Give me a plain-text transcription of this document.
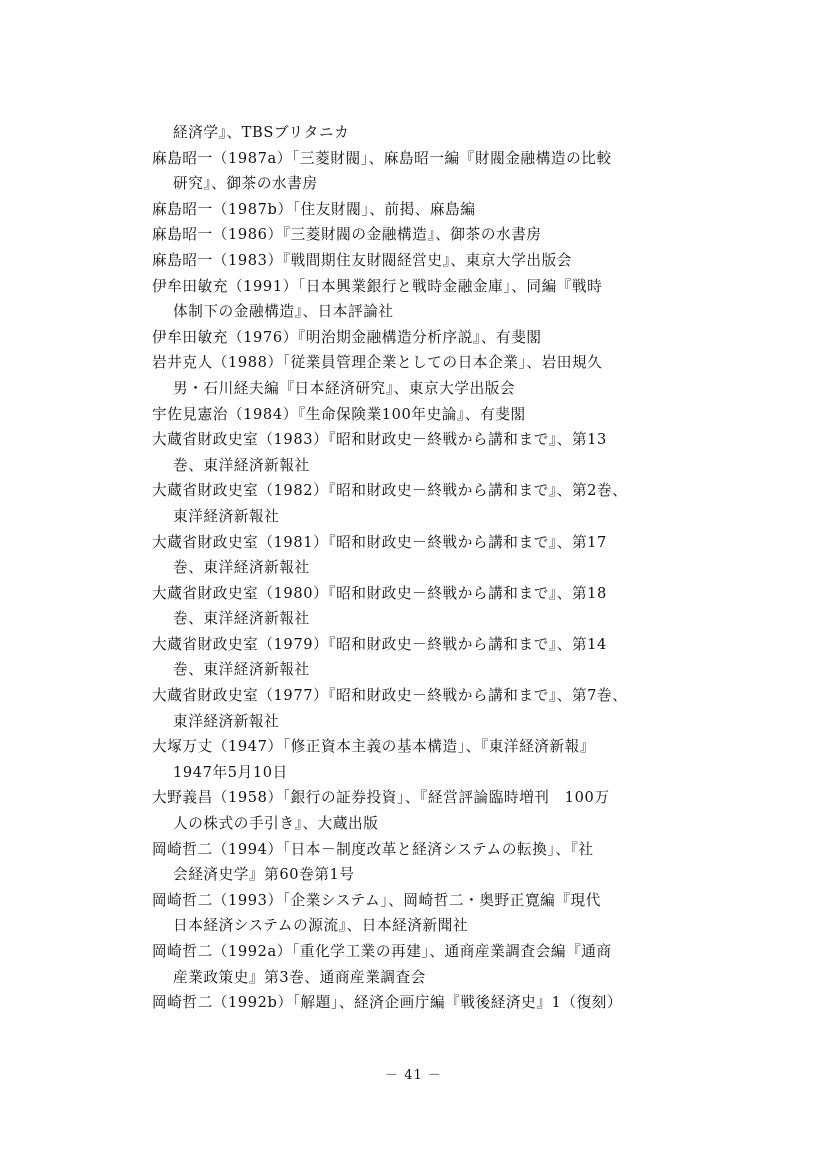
経済学』、TBSブリタニカ
麻島昭一（1987a）「三菱財閥」、麻島昭一編『財閥金融構造の比較
研究』、御茶の水書房
麻島昭一（1987b）「住友財閥」、前掲、麻島編
麻島昭一（1986）『三菱財閥の金融構造』、御茶の水書房
麻島昭一（1983）『戦間期住友財閥経営史』、東京大学出版会
伊牟田敏充（1991）「日本興業銀行と戦時金融金庫」、同編『戦時
体制下の金融構造』、日本評論社
伊牟田敏充（1976）『明治期金融構造分析序説』、有斐閣
岩井克人（1988）「従業員管理企業としての日本企業」、岩田規久
男・石川経夫編『日本経済研究』、東京大学出版会
宇佐見憲治（1984）『生命保険業100年史論』、有斐閣
大蔵省財政史室（1983）『昭和財政史－終戦から講和まで』、第13
巻、東洋経済新報社
大蔵省財政史室（1982）『昭和財政史－終戦から講和まで』、第2巻、
東洋経済新報社
大蔵省財政史室（1981）『昭和財政史－終戦から講和まで』、第17
巻、東洋経済新報社
大蔵省財政史室（1980）『昭和財政史－終戦から講和まで』、第18
巻、東洋経済新報社
大蔵省財政史室（1979）『昭和財政史－終戦から講和まで』、第14
巻、東洋経済新報社
大蔵省財政史室（1977）『昭和財政史－終戦から講和まで』、第7巻、
東洋経済新報社
大塚万丈（1947）「修正資本主義の基本構造」、『東洋経済新報』
1947年5月10日
大野義昌（1958）「銀行の証券投資」、『経営評論臨時増刊　100万
人の株式の手引き』、大蔵出版
岡崎哲二（1994）「日本－制度改革と経済システムの転換」、『社
会経済史学』第60巻第1号
岡崎哲二（1993）「企業システム」、岡崎哲二・奥野正寛編『現代
日本経済システムの源流』、日本経済新聞社
岡崎哲二（1992a）「重化学工業の再建」、通商産業調査会編『通商
産業政策史』第3巻、通商産業調査会
岡崎哲二（1992b）「解題」、経済企画庁編『戦後経済史』1（復刻）
－ 41 －
